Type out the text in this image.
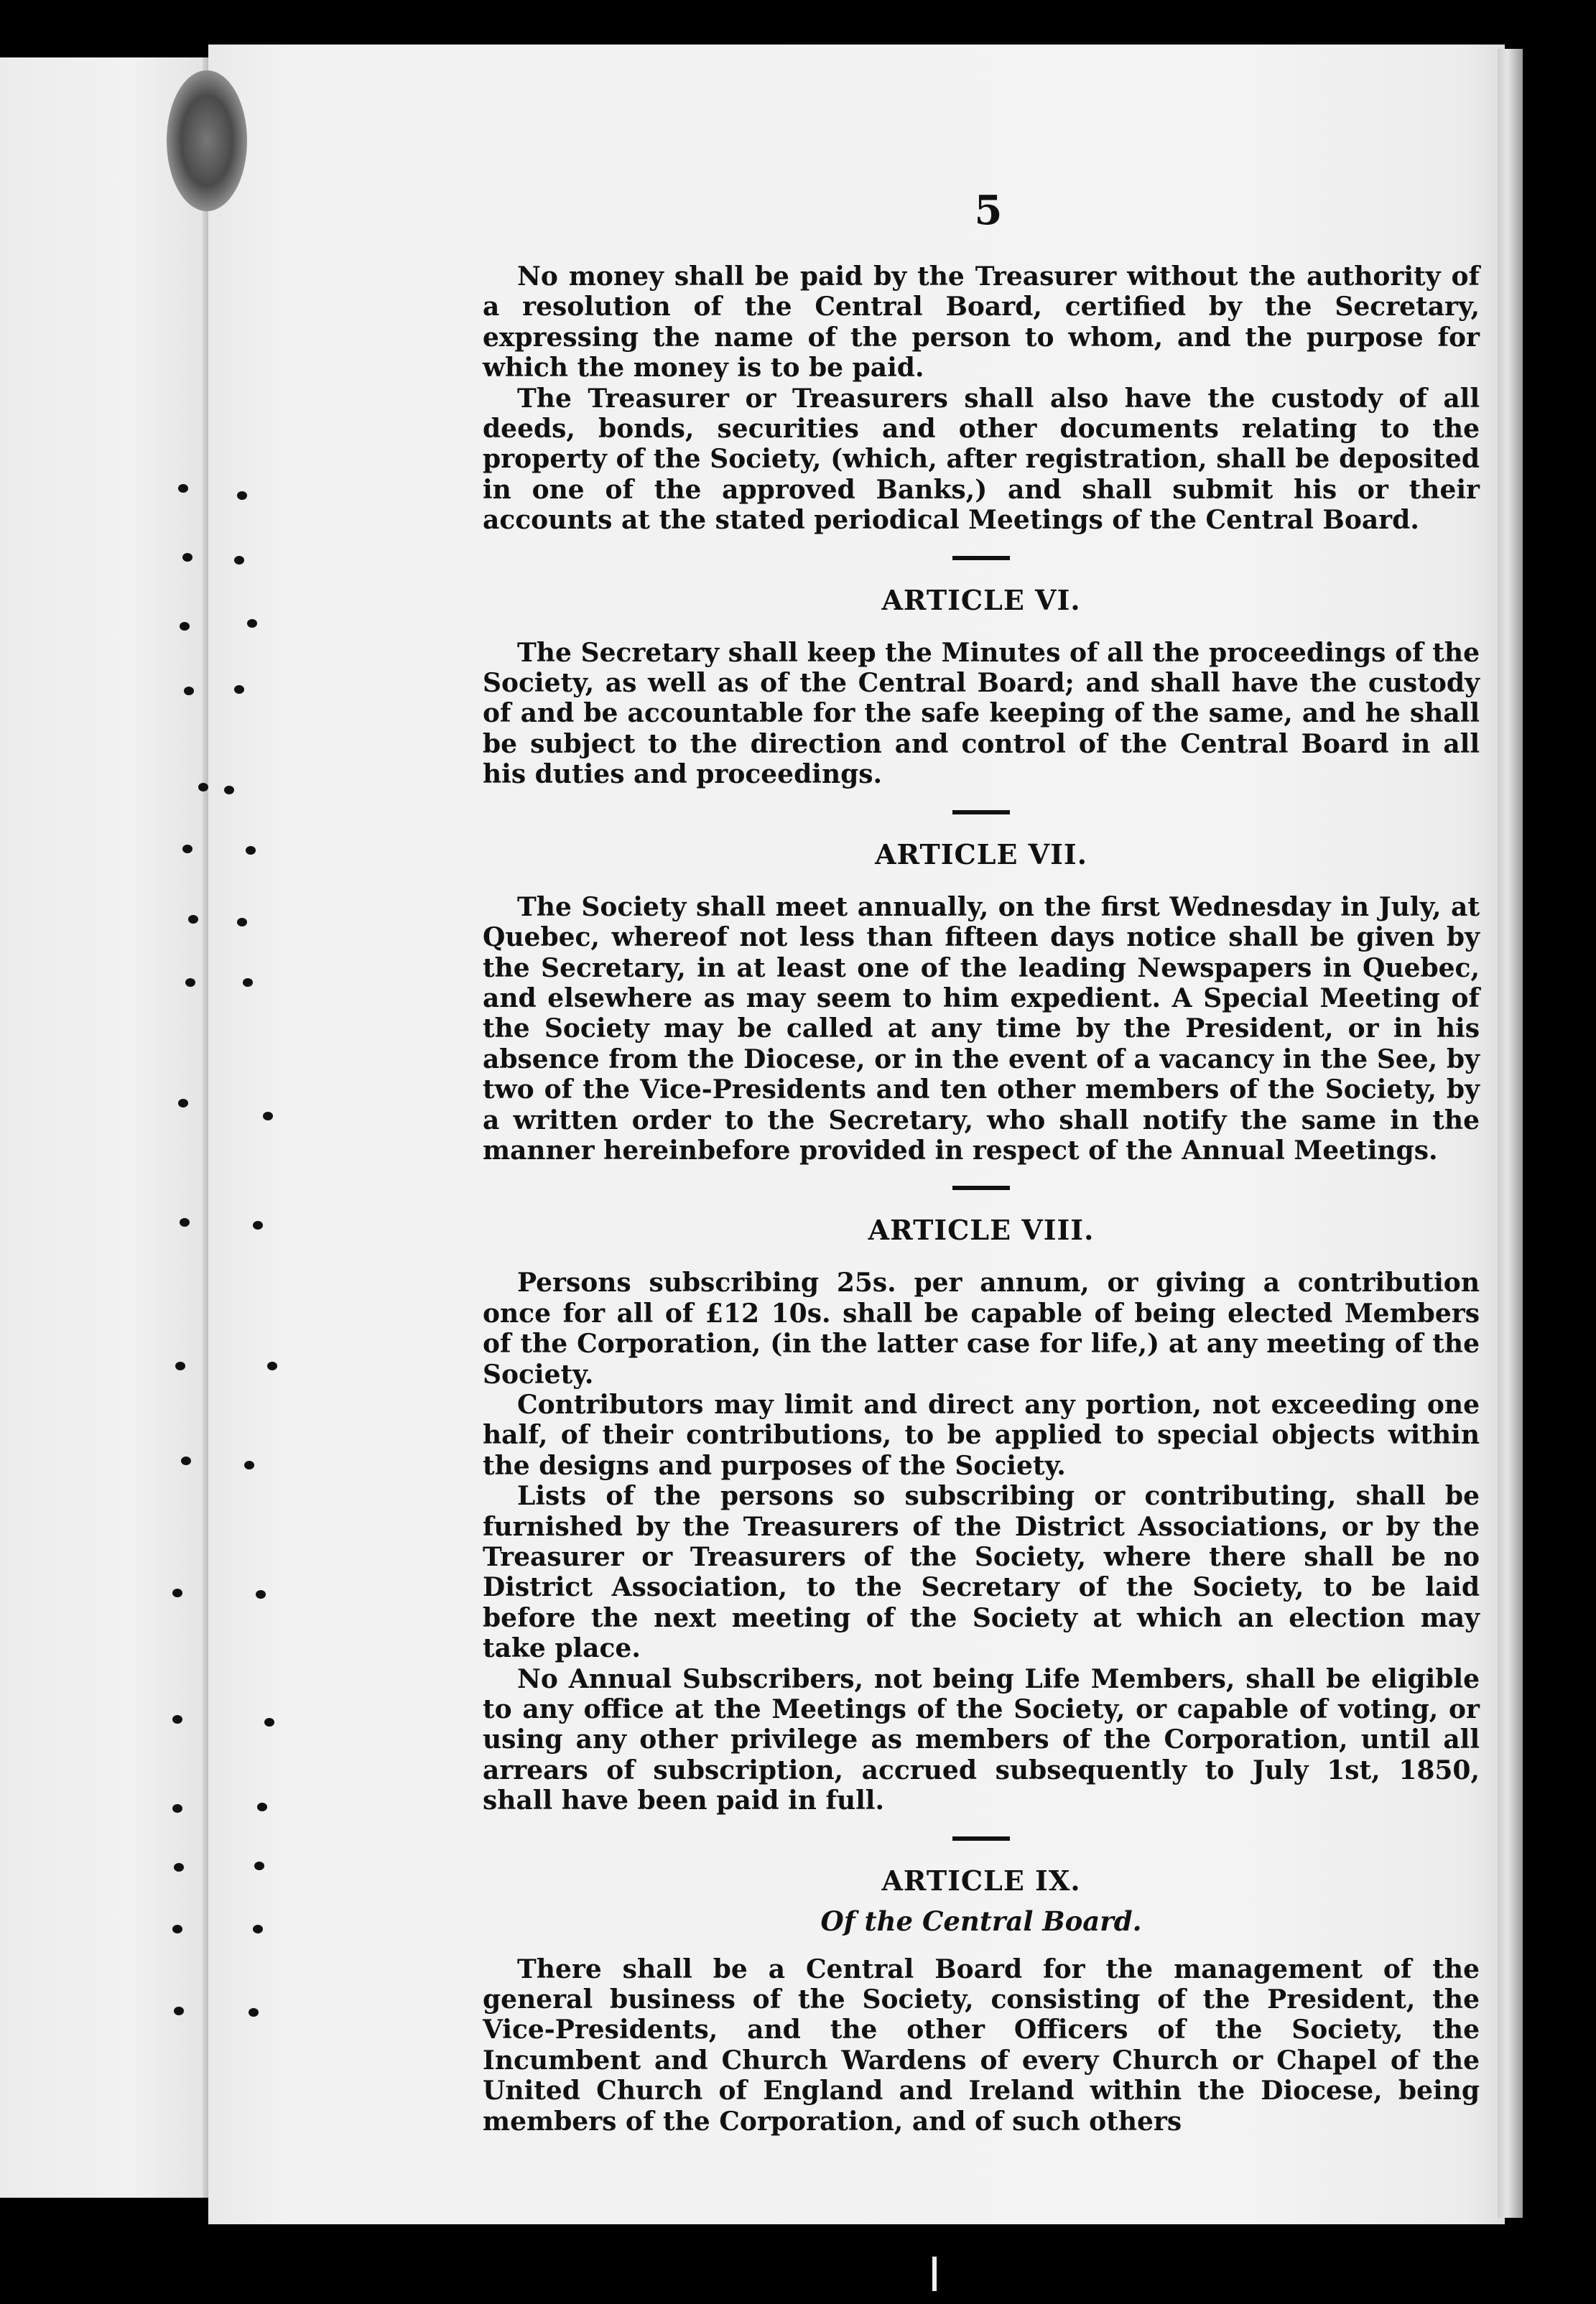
5

No money shall be paid by the Treasurer without the authority of a resolution of the Central Board, certified by the Secretary, expressing the name of the person to whom, and the purpose for which the money is to be paid.

The Treasurer or Treasurers shall also have the custody of all deeds, bonds, securities and other documents relating to the property of the Society, (which, after registration, shall be deposited in one of the approved Banks,) and shall submit his or their accounts at the stated periodical Meetings of the Central Board.

ARTICLE VI.

The Secretary shall keep the Minutes of all the proceedings of the Society, as well as of the Central Board; and shall have the custody of and be accountable for the safe keeping of the same, and he shall be subject to the direction and control of the Central Board in all his duties and proceedings.

ARTICLE VII.

The Society shall meet annually, on the first Wednesday in July, at Quebec, whereof not less than fifteen days notice shall be given by the Secretary, in at least one of the leading Newspapers in Quebec, and elsewhere as may seem to him expedient. A Special Meeting of the Society may be called at any time by the President, or in his absence from the Diocese, or in the event of a vacancy in the See, by two of the Vice-Presidents and ten other members of the Society, by a written order to the Secretary, who shall notify the same in the manner hereinbefore provided in respect of the Annual Meetings.

ARTICLE VIII.

Persons subscribing 25s. per annum, or giving a contribution once for all of £12 10s. shall be capable of being elected Members of the Corporation, (in the latter case for life,) at any meeting of the Society.

Contributors may limit and direct any portion, not exceeding one half, of their contributions, to be applied to special objects within the designs and purposes of the Society.

Lists of the persons so subscribing or contributing, shall be furnished by the Treasurers of the District Associations, or by the Treasurer or Treasurers of the Society, where there shall be no District Association, to the Secretary of the Society, to be laid before the next meeting of the Society at which an election may take place.

No Annual Subscribers, not being Life Members, shall be eligible to any office at the Meetings of the Society, or capable of voting, or using any other privilege as members of the Corporation, until all arrears of subscription, accrued subsequently to July 1st, 1850, shall have been paid in full.

ARTICLE IX.
Of the Central Board.

There shall be a Central Board for the management of the general business of the Society, consisting of the President, the Vice-Presidents, and the other Officers of the Society, the Incumbent and Church Wardens of every Church or Chapel of the United Church of England and Ireland within the Diocese, being members of the Corporation, and of such others
